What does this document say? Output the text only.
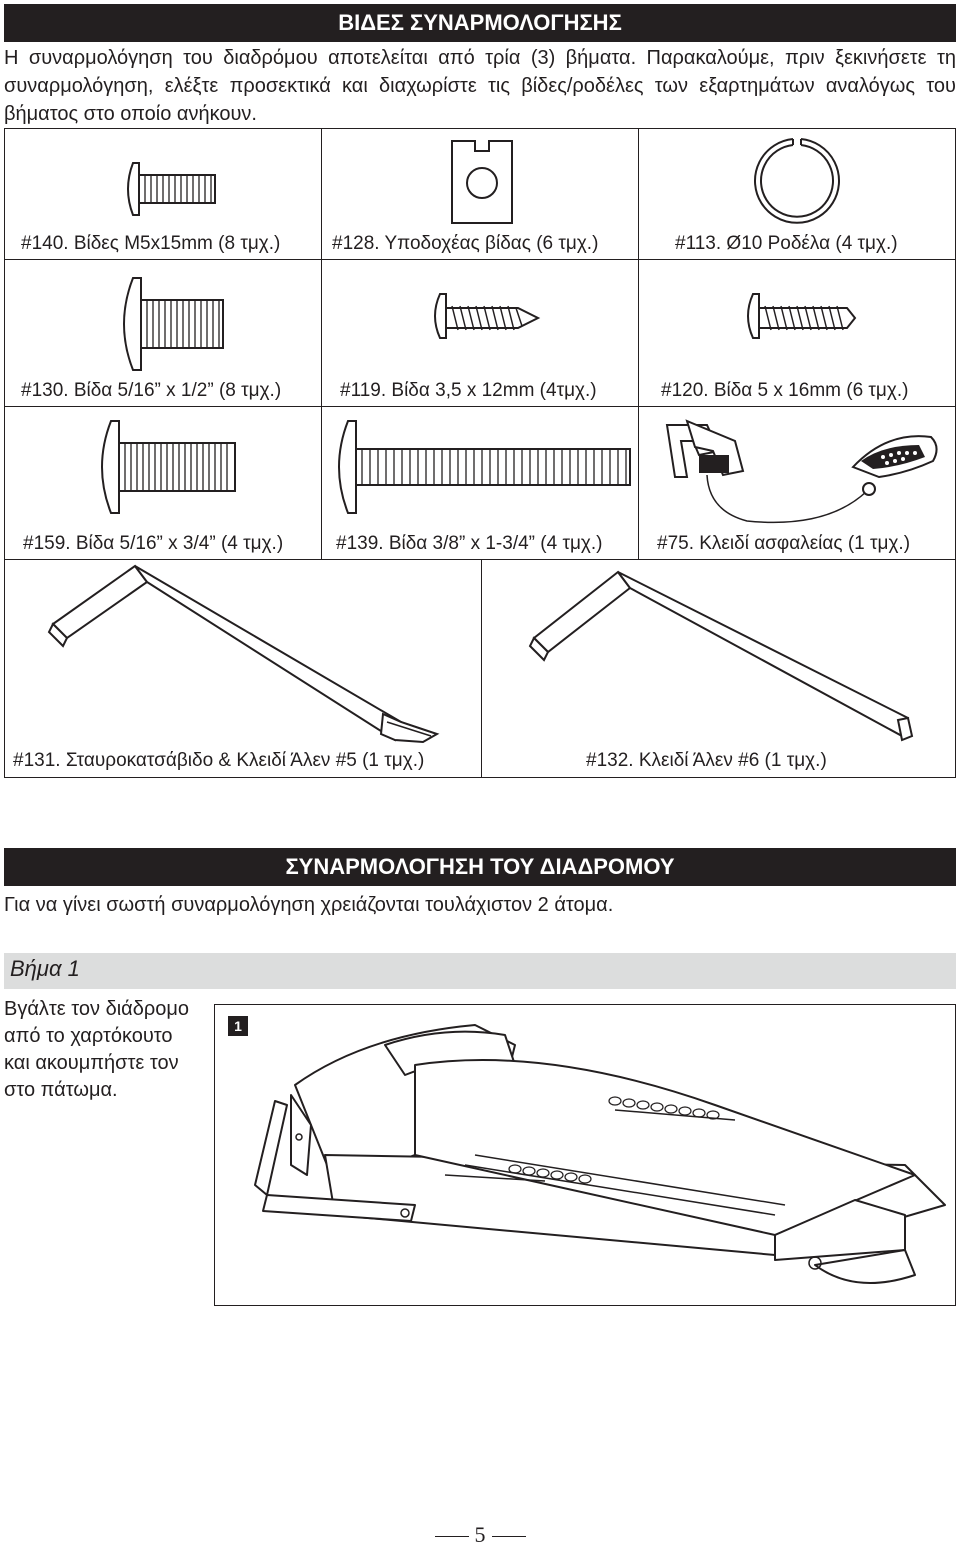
ΒΙΔΕΣ ΣΥΝΑΡΜΟΛΟΓΗΣΗΣ
Η συναρμολόγηση του διαδρόμου αποτελείται από τρία (3) βήματα. Παρακαλούμε, πριν ξεκινήσετε τη συναρμολόγηση, ελέξτε προσεκτικά και διαχωρίστε τις βίδες/ροδέλες των εξαρτημάτων αναλόγως του βήματος στο οποίο ανήκουν.
#140. Βίδες M5x15mm (8 τμχ.)	#128. Υποδοχέας βίδας (6 τμχ.)	#113. Ø10 Ροδέλα (4 τμχ.)
#130. Βίδα 5/16” x 1/2” (8 τμχ.)	#119. Βίδα 3,5 x 12mm (4τμχ.)	#120. Βίδα 5 x 16mm (6 τμχ.)
#159. Βίδα 5/16” x 3/4” (4 τμχ.)	#139. Βίδα 3/8” x 1-3/4” (4 τμχ.)	#75. Κλειδί ασφαλείας (1 τμχ.)
#131. Σταυροκατσάβιδο & Κλειδί Άλεν #5 (1 τμχ.)	#132. Κλειδί Άλεν #6 (1 τμχ.)
ΣΥΝΑΡΜΟΛΟΓΗΣΗ ΤΟΥ ΔΙΑΔΡΟΜΟΥ
Για να γίνει σωστή συναρμολόγηση χρειάζονται τουλάχιστον 2 άτομα.
Βήμα 1
Βγάλτε τον διάδρομο
από το χαρτόκουτο
και ακουμπήστε τον
στο πάτωμα.
1
5
